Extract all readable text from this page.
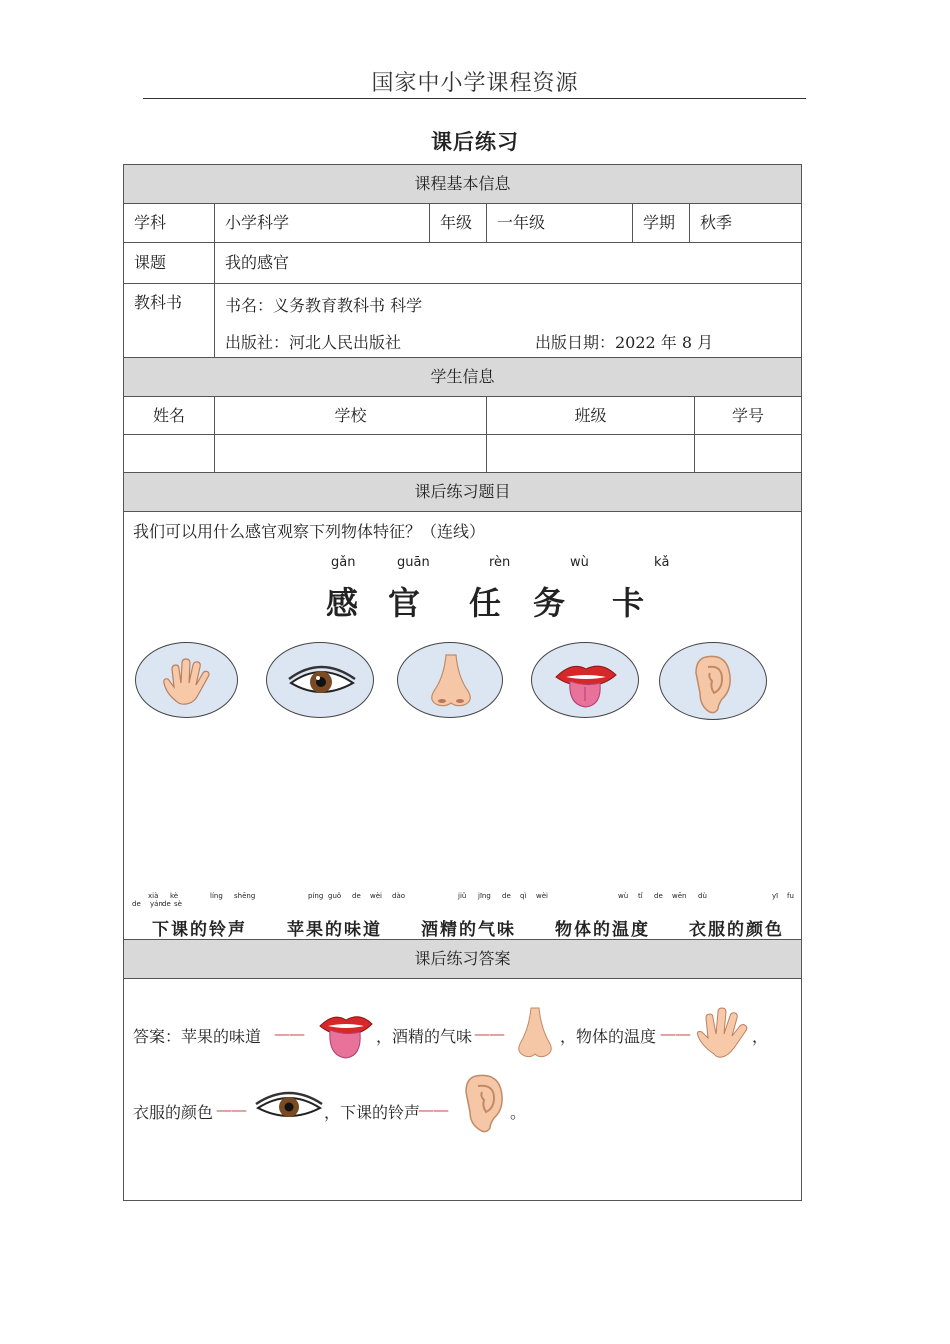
国家中小学课程资源
课后练习
课程基本信息
学科	小学科学	年级	一年级	学期	秋季
课题	我的感官
教科书	书名：义务教育教科书 科学
出版社：河北人民出版社	出版日期：2022 年 8 月
学生信息
姓名	学校	班级	学号
课后练习题目
课后练习答案
我们可以用什么感官观察下列物体特征？（连线）
gǎn	guān	rèn	wù	kǎ
感 官 任 务 卡
xià kè
de
líng shēng	píng guǒ de wèi dào	jiǔ jīng de qì wèi	wù tǐ de wēn dù	yī fu
de
yán sè
下课的铃声 苹果的味道 酒精的气味 物体的温度 衣服的颜色
答案：苹果的味道 ——	，酒精的气味 ——	，物体的温度 ——	，
衣服的颜色 ——	，下课的铃声
——	。
